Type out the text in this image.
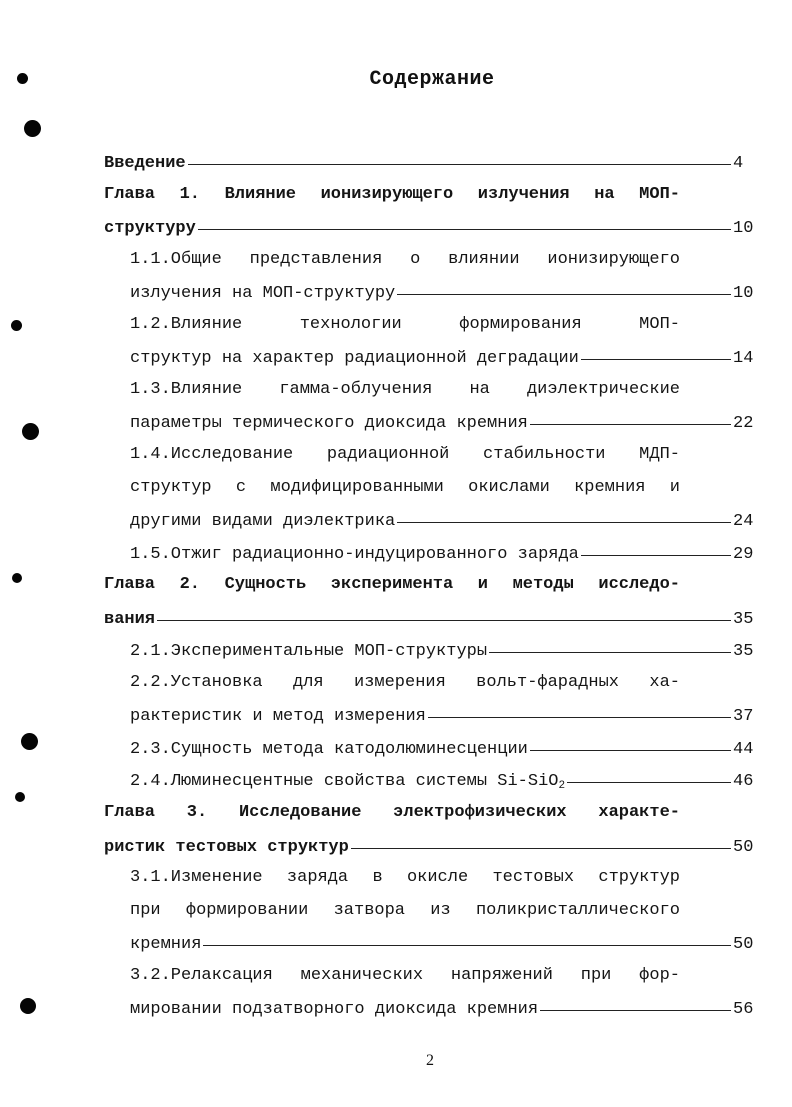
Содержание
Введение	4
Глава 1. Влияние ионизирующего излучения на МОП-
структуру	10
1.1.Общие представления о влиянии ионизирующего
излучения на МОП-структуру	10
1.2.Влияние технологии формирования МОП-
структур на характер радиационной деградации	14
1.3.Влияние гамма-облучения на диэлектрические
параметры термического диоксида кремния	22
1.4.Исследование радиационной стабильности МДП-
структур с модифицированными окислами кремния и
другими видами диэлектрика	24
1.5.Отжиг радиационно-индуцированного заряда	29
Глава 2. Сущность эксперимента и методы исследо-
вания	35
2.1.Экспериментальные МОП-структуры	35
2.2.Установка для измерения вольт-фарадных ха-
рактеристик и метод измерения	37
2.3.Сущность метода катодолюминесценции	44
2.4.Люминесцентные свойства системы Si-SiO$_2$	46
Глава 3. Исследование электрофизических характе-
ристик тестовых структур	50
3.1.Изменение заряда в окисле тестовых структур
при формировании затвора из поликристаллического
кремния	50
3.2.Релаксация механических напряжений при фор-
мировании подзатворного диоксида кремния	56
2
